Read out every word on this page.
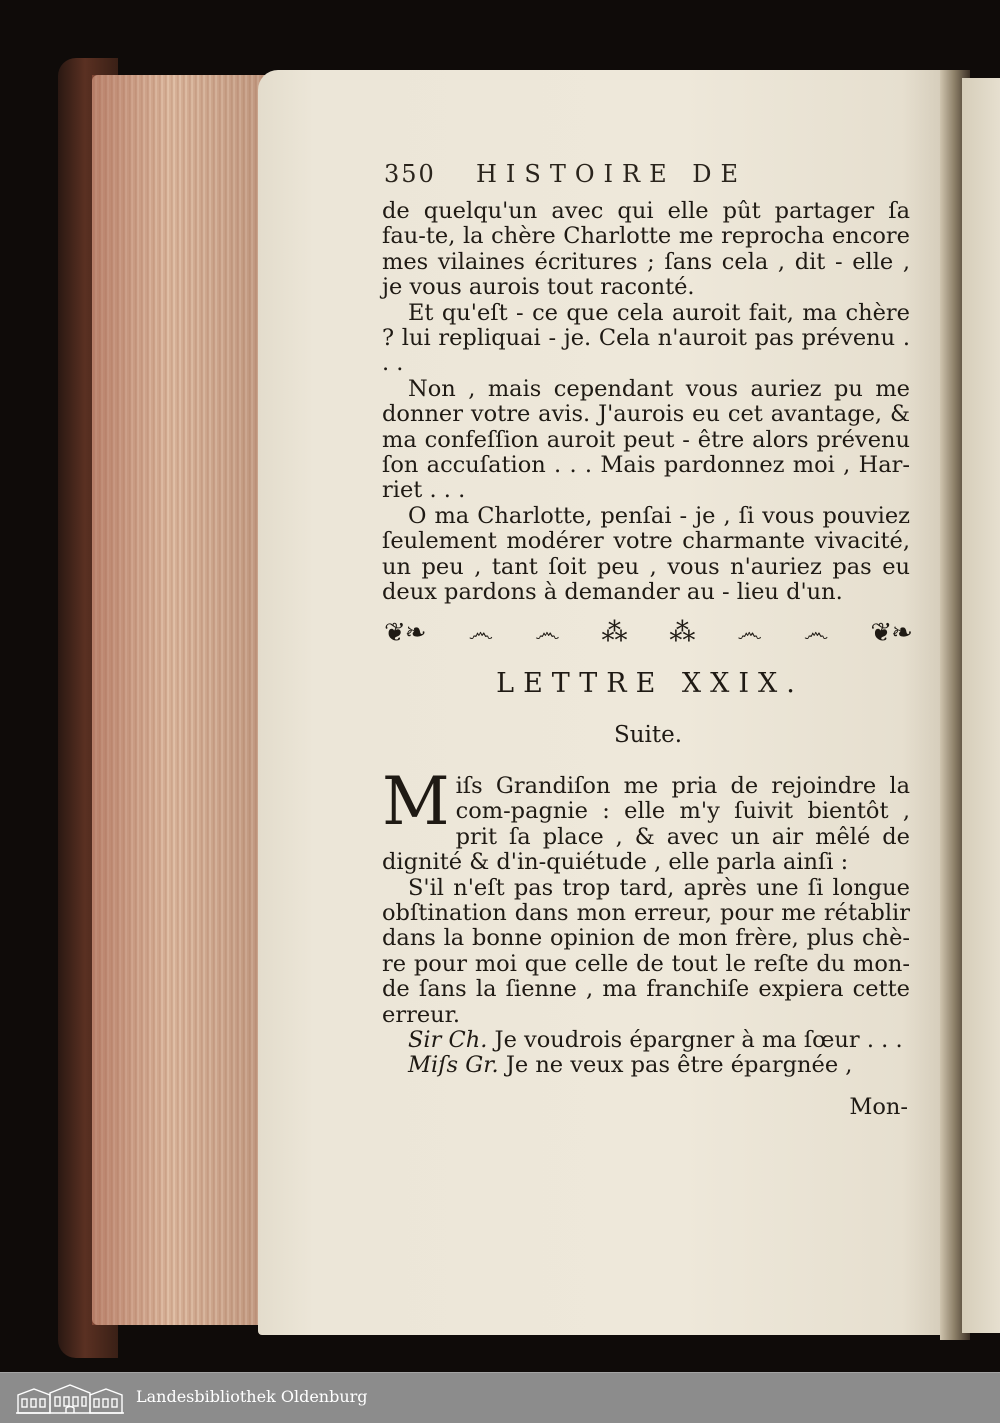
350 HISTOIRE DE

de quelqu'un avec qui elle pût partager ſa fau-te, la chère Charlotte me reprocha encore mes vilaines écritures ; ſans cela , dit - elle , je vous aurois tout raconté.

Et qu'eſt - ce que cela auroit fait, ma chère ? lui repliquai - je. Cela n'auroit pas prévenu . . .

Non , mais cependant vous auriez pu me donner votre avis. J'aurois eu cet avantage, & ma confeſſion auroit peut - être alors prévenu ſon accuſation . . . Mais pardonnez moi , Har-riet . . .

O ma Charlotte, penſai - je , ſi vous pouviez ſeulement modérer votre charmante vivacité, un peu , tant ſoit peu , vous n'auriez pas eu deux pardons à demander au - lieu d'un.

❦❧ ෴ ෴ ⁂ ⁂ ෴ ෴ ❦❧
LETTRE XXIX.
Suite.

Miſs Grandiſon me pria de rejoindre la com-pagnie : elle m'y ſuivit bientôt , prit ſa place , & avec un air mêlé de dignité & d'in-quiétude , elle parla ainſi :

S'il n'eſt pas trop tard, après une ſi longue obſtination dans mon erreur, pour me rétablir dans la bonne opinion de mon frère, plus chè-re pour moi que celle de tout le reſte du mon-de ſans la ſienne , ma franchiſe expiera cette erreur.

Sir Ch. Je voudrois épargner à ma ſœur . . .

Miſs Gr. Je ne veux pas être épargnée ,

Mon-
Landesbibliothek Oldenburg
